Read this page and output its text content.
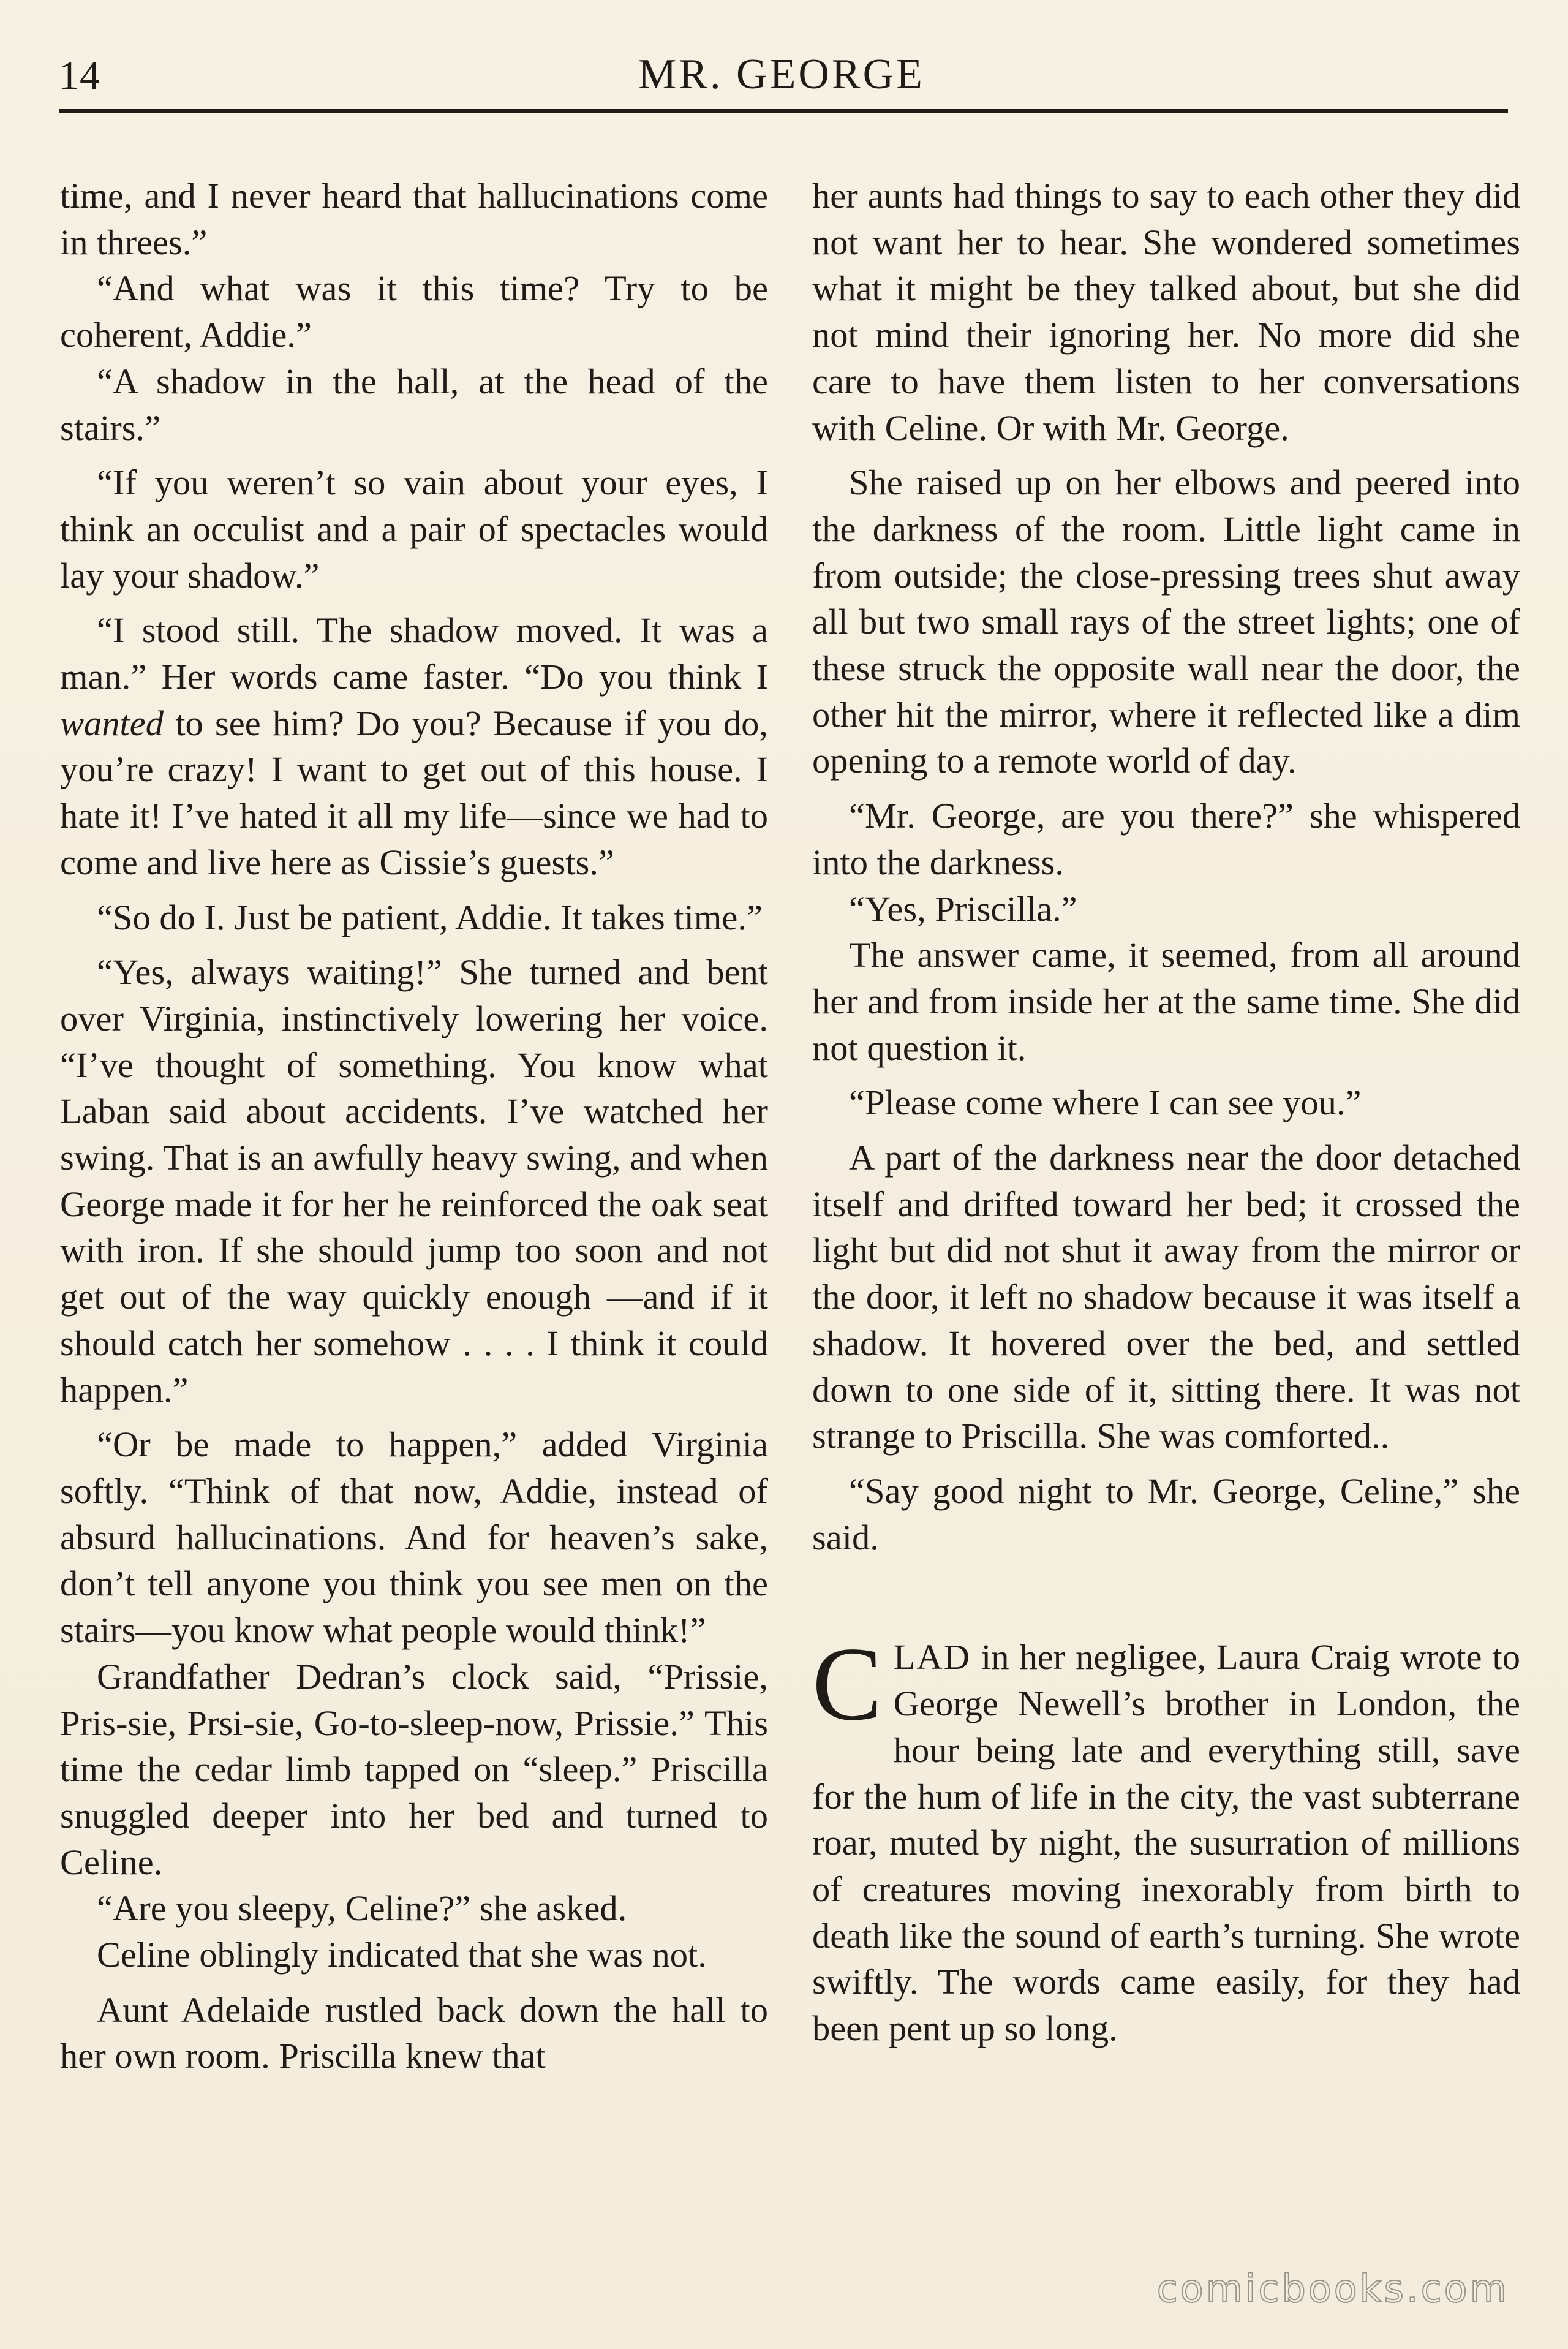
14	MR. GEORGE

time, and I never heard that hallucinations come in threes.”

“And what was it this time? Try to be coherent, Addie.”

“A shadow in the hall, at the head of the stairs.”

“If you weren’t so vain about your eyes, I think an occulist and a pair of spectacles would lay your shadow.”

“I stood still. The shadow moved. It was a man.” Her words came faster. “Do you think I wanted to see him? Do you? Because if you do, you’re crazy! I want to get out of this house. I hate it! I’ve hated it all my life—since we had to come and live here as Cissie’s guests.”

“So do I. Just be patient, Addie. It takes time.”

“Yes, always waiting!” She turned and bent over Virginia, instinctively lowering her voice. “I’ve thought of something. You know what Laban said about accidents. I’ve watched her swing. That is an awfully heavy swing, and when George made it for her he reinforced the oak seat with iron. If she should jump too soon and not get out of the way quickly enough —and if it should catch her somehow . . . . I think it could happen.”

“Or be made to happen,” added Virginia softly. “Think of that now, Addie, instead of absurd hallucinations. And for heaven’s sake, don’t tell anyone you think you see men on the stairs—you know what people would think!”

Grandfather Dedran’s clock said, “Prissie, Pris-sie, Prsi-sie, Go-to-sleep-now, Prissie.” This time the cedar limb tapped on “sleep.” Priscilla snuggled deeper into her bed and turned to Celine.

“Are you sleepy, Celine?” she asked.

Celine oblingly indicated that she was not.

Aunt Adelaide rustled back down the hall to her own room. Priscilla knew that

her aunts had things to say to each other they did not want her to hear. She wondered sometimes what it might be they talked about, but she did not mind their ignoring her. No more did she care to have them listen to her conversations with Celine. Or with Mr. George.

She raised up on her elbows and peered into the darkness of the room. Little light came in from outside; the close-pressing trees shut away all but two small rays of the street lights; one of these struck the opposite wall near the door, the other hit the mirror, where it reflected like a dim opening to a remote world of day.

“Mr. George, are you there?” she whispered into the darkness.

“Yes, Priscilla.”

The answer came, it seemed, from all around her and from inside her at the same time. She did not question it.

“Please come where I can see you.”

A part of the darkness near the door detached itself and drifted toward her bed; it crossed the light but did not shut it away from the mirror or the door, it left no shadow because it was itself a shadow. It hovered over the bed, and settled down to one side of it, sitting there. It was not strange to Priscilla. She was comforted..

“Say good night to Mr. George, Celine,” she said.

CLAD in her negligee, Laura Craig wrote to George Newell’s brother in London, the hour being late and everything still, save for the hum of life in the city, the vast subterrane roar, muted by night, the susurration of millions of creatures moving inexorably from birth to death like the sound of earth’s turning. She wrote swiftly. The words came easily, for they had been pent up so long.

comicbooks.com
